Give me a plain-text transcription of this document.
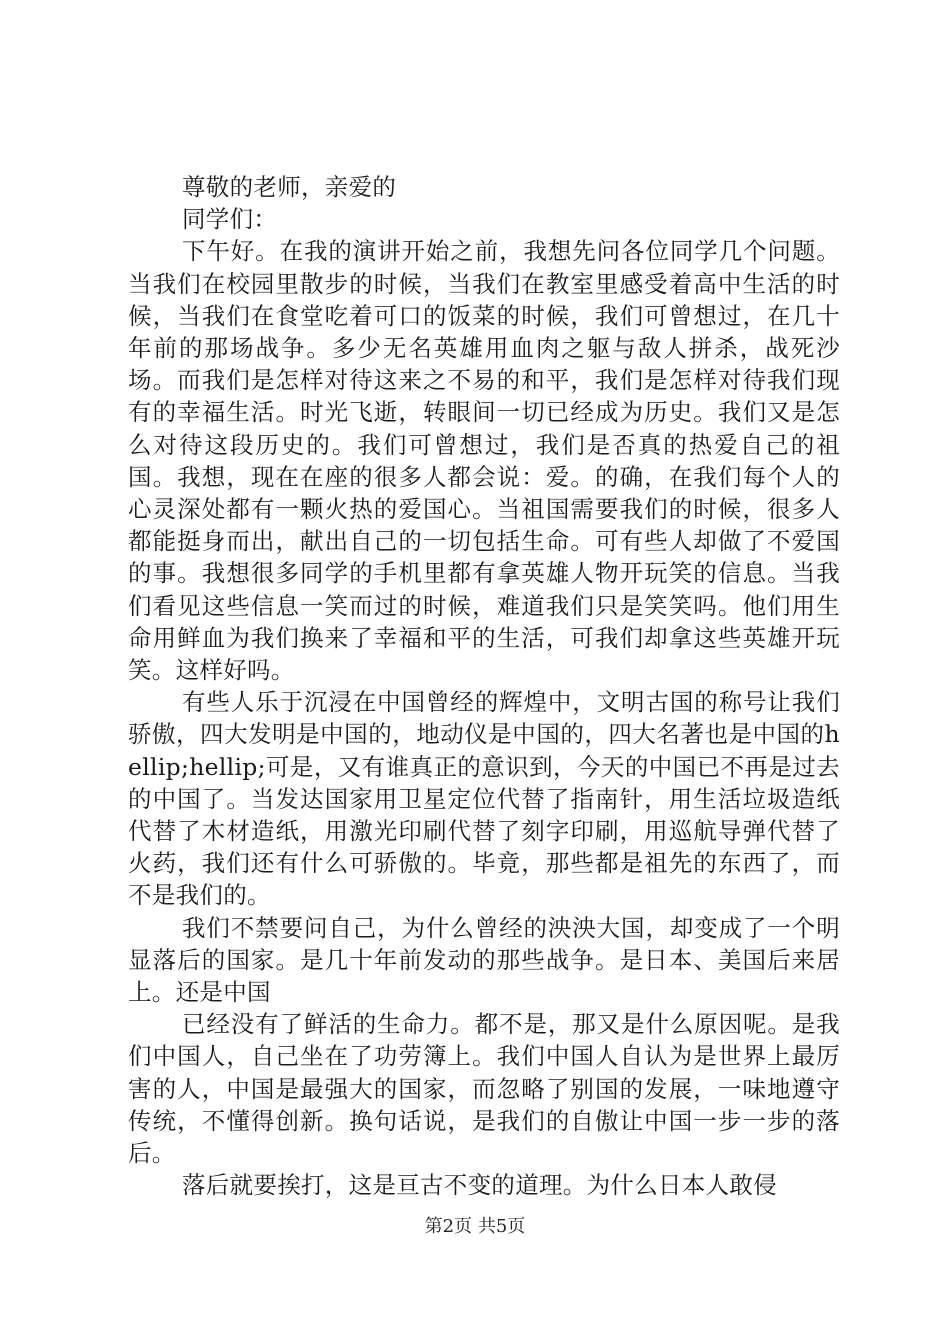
尊敬的老师，亲爱的

同学们：

下午好。在我的演讲开始之前，我想先问各位同学几个问题。当我们在校园里散步的时候，当我们在教室里感受着高中生活的时候，当我们在食堂吃着可口的饭菜的时候，我们可曾想过，在几十年前的那场战争。多少无名英雄用血肉之躯与敌人拼杀，战死沙场。而我们是怎样对待这来之不易的和平，我们是怎样对待我们现有的幸福生活。时光飞逝，转眼间一切已经成为历史。我们又是怎么对待这段历史的。我们可曾想过，我们是否真的热爱自己的祖国。我想，现在在座的很多人都会说：爱。的确，在我们每个人的心灵深处都有一颗火热的爱国心。当祖国需要我们的时候，很多人都能挺身而出，献出自己的一切包括生命。可有些人却做了不爱国的事。我想很多同学的手机里都有拿英雄人物开玩笑的信息。当我们看见这些信息一笑而过的时候，难道我们只是笑笑吗。他们用生命用鲜血为我们换来了幸福和平的生活，可我们却拿这些英雄开玩笑。这样好吗。

有些人乐于沉浸在中国曾经的辉煌中，文明古国的称号让我们骄傲，四大发明是中国的，地动仪是中国的，四大名著也是中国的hellip;hellip;可是，又有谁真正的意识到，今天的中国已不再是过去的中国了。当发达国家用卫星定位代替了指南针，用生活垃圾造纸代替了木材造纸，用激光印刷代替了刻字印刷，用巡航导弹代替了火药，我们还有什么可骄傲的。毕竟，那些都是祖先的东西了，而不是我们的。

我们不禁要问自己，为什么曾经的泱泱大国，却变成了一个明显落后的国家。是几十年前发动的那些战争。是日本、美国后来居上。还是中国

已经没有了鲜活的生命力。都不是，那又是什么原因呢。是我们中国人，自己坐在了功劳簿上。我们中国人自认为是世界上最厉害的人，中国是最强大的国家，而忽略了别国的发展，一味地遵守传统，不懂得创新。换句话说，是我们的自傲让中国一步一步的落后。

落后就要挨打，这是亘古不变的道理。为什么日本人敢侵

第2页 共5页
